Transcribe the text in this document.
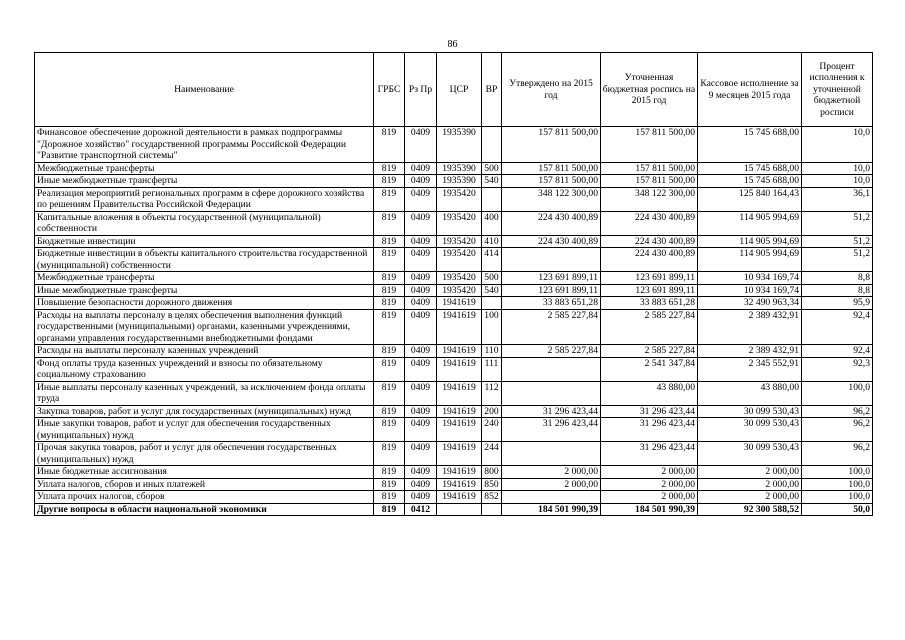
86
Наименование	ГРБС	Рз Пр	ЦСР	ВР	Утверждено на 2015 год	Уточненная бюджетная роспись на 2015 год	Кассовое исполнение за 9 месяцев 2015 года	Процент исполнения к уточненной бюджетной росписи
Финансовое обеспечение дорожной деятельности в рамках подпрограммы "Дорожное хозяйство" государственной программы Российской Федерации "Развитие транспортной системы"	819	0409	1935390		157 811 500,00	157 811 500,00	15 745 688,00	10,0
Межбюджетные трансферты	819	0409	1935390	500	157 811 500,00	157 811 500,00	15 745 688,00	10,0
Иные межбюджетные трансферты	819	0409	1935390	540	157 811 500,00	157 811 500,00	15 745 688,00	10,0
Реализация мероприятий региональных программ в сфере дорожного хозяйства по решениям Правительства Российской Федерации	819	0409	1935420		348 122 300,00	348 122 300,00	125 840 164,43	36,1
Капитальные вложения в объекты государственной (муниципальной) собственности	819	0409	1935420	400	224 430 400,89	224 430 400,89	114 905 994,69	51,2
Бюджетные инвестиции	819	0409	1935420	410	224 430 400,89	224 430 400,89	114 905 994,69	51,2
Бюджетные инвестиции в объекты капитального строительства государственной (муниципальной) собственности	819	0409	1935420	414		224 430 400,89	114 905 994,69	51,2
Межбюджетные трансферты	819	0409	1935420	500	123 691 899,11	123 691 899,11	10 934 169,74	8,8
Иные межбюджетные трансферты	819	0409	1935420	540	123 691 899,11	123 691 899,11	10 934 169,74	8,8
Повышение безопасности дорожного движения	819	0409	1941619		33 883 651,28	33 883 651,28	32 490 963,34	95,9
Расходы на выплаты персоналу в целях обеспечения выполнения функций государственными (муниципальными) органами, казенными учреждениями, органами управления государственными внебюджетными фондами	819	0409	1941619	100	2 585 227,84	2 585 227,84	2 389 432,91	92,4
Расходы на выплаты персоналу казенных учреждений	819	0409	1941619	110	2 585 227,84	2 585 227,84	2 389 432,91	92,4
Фонд оплаты труда казенных учреждений и взносы по обязательному социальному страхованию	819	0409	1941619	111		2 541 347,84	2 345 552,91	92,3
Иные выплаты персоналу казенных учреждений, за исключением фонда оплаты труда	819	0409	1941619	112		43 880,00	43 880,00	100,0
Закупка товаров, работ и услуг для государственных (муниципальных) нужд	819	0409	1941619	200	31 296 423,44	31 296 423,44	30 099 530,43	96,2
Иные закупки товаров, работ и услуг для обеспечения государственных (муниципальных) нужд	819	0409	1941619	240	31 296 423,44	31 296 423,44	30 099 530,43	96,2
Прочая закупка товаров, работ и услуг для обеспечения государственных (муниципальных) нужд	819	0409	1941619	244		31 296 423,44	30 099 530,43	96,2
Иные бюджетные ассигнования	819	0409	1941619	800	2 000,00	2 000,00	2 000,00	100,0
Уплата налогов, сборов и иных платежей	819	0409	1941619	850	2 000,00	2 000,00	2 000,00	100,0
Уплата прочих налогов, сборов	819	0409	1941619	852		2 000,00	2 000,00	100,0
Другие вопросы в области национальной экономики	819	0412			184 501 990,39	184 501 990,39	92 300 588,52	50,0
